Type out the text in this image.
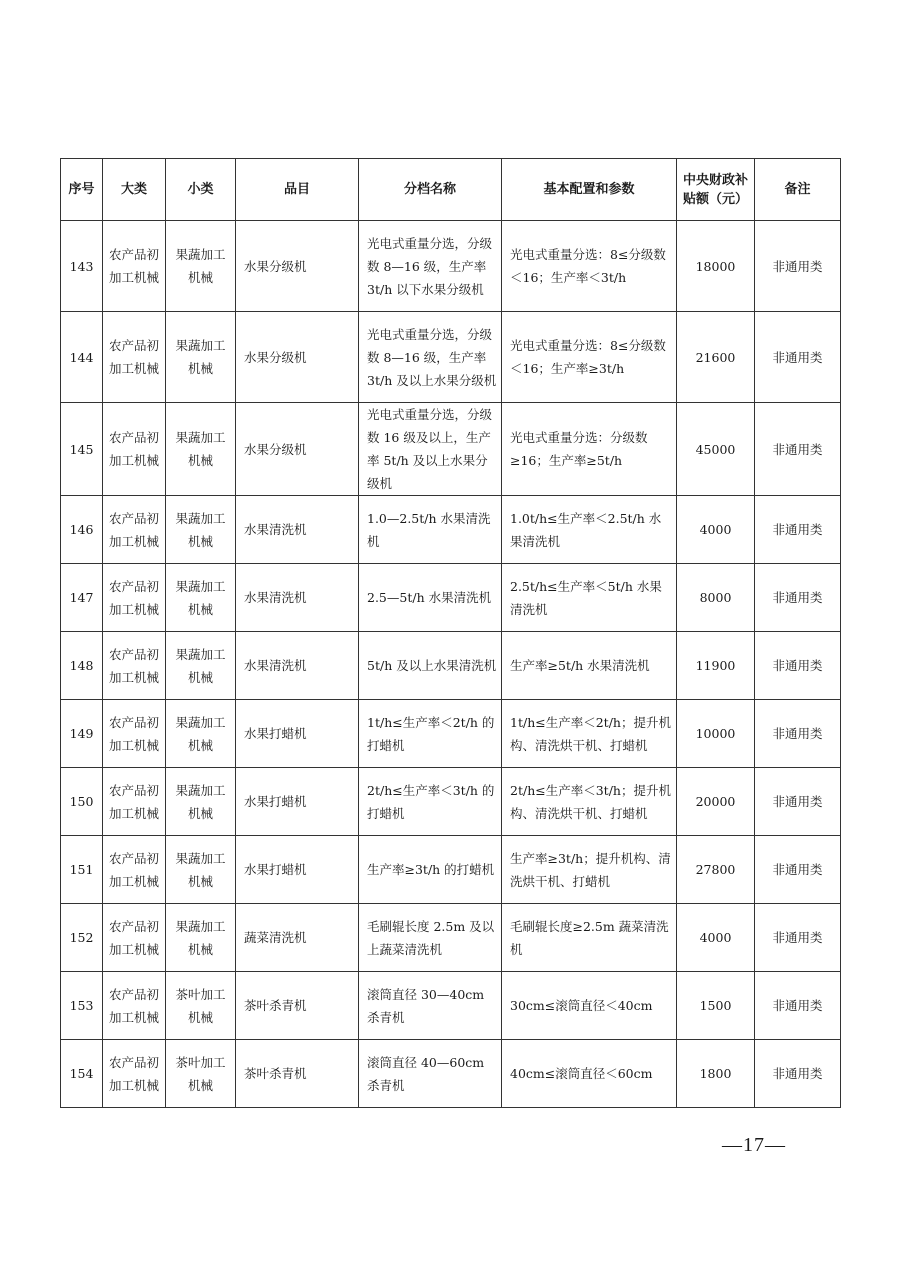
序号	大类	小类	品目	分档名称	基本配置和参数	中央财政补贴额（元）	备注
143	农产品初加工机械	果蔬加工机械	水果分级机	光电式重量分选，分级数 8—16 级，生产率 3t/h 以下水果分级机	光电式重量分选：8≤分级数＜16；生产率＜3t/h	18000	非通用类
144	农产品初加工机械	果蔬加工机械	水果分级机	光电式重量分选，分级数 8—16 级，生产率 3t/h 及以上水果分级机	光电式重量分选：8≤分级数＜16；生产率≥3t/h	21600	非通用类
145	农产品初加工机械	果蔬加工机械	水果分级机	光电式重量分选，分级数 16 级及以上，生产率 5t/h 及以上水果分级机	光电式重量分选：分级数≥16；生产率≥5t/h	45000	非通用类
146	农产品初加工机械	果蔬加工机械	水果清洗机	1.0—2.5t/h 水果清洗机	1.0t/h≤生产率＜2.5t/h 水果清洗机	4000	非通用类
147	农产品初加工机械	果蔬加工机械	水果清洗机	2.5—5t/h 水果清洗机	2.5t/h≤生产率＜5t/h 水果清洗机	8000	非通用类
148	农产品初加工机械	果蔬加工机械	水果清洗机	5t/h 及以上水果清洗机	生产率≥5t/h 水果清洗机	11900	非通用类
149	农产品初加工机械	果蔬加工机械	水果打蜡机	1t/h≤生产率＜2t/h 的打蜡机	1t/h≤生产率＜2t/h；提升机构、清洗烘干机、打蜡机	10000	非通用类
150	农产品初加工机械	果蔬加工机械	水果打蜡机	2t/h≤生产率＜3t/h 的打蜡机	2t/h≤生产率＜3t/h；提升机构、清洗烘干机、打蜡机	20000	非通用类
151	农产品初加工机械	果蔬加工机械	水果打蜡机	生产率≥3t/h 的打蜡机	生产率≥3t/h；提升机构、清洗烘干机、打蜡机	27800	非通用类
152	农产品初加工机械	果蔬加工机械	蔬菜清洗机	毛刷辊长度 2.5m 及以上蔬菜清洗机	毛刷辊长度≥2.5m 蔬菜清洗机	4000	非通用类
153	农产品初加工机械	茶叶加工机械	茶叶杀青机	滚筒直径 30—40cm 杀青机	30cm≤滚筒直径＜40cm	1500	非通用类
154	农产品初加工机械	茶叶加工机械	茶叶杀青机	滚筒直径 40—60cm 杀青机	40cm≤滚筒直径＜60cm	1800	非通用类
—17—
